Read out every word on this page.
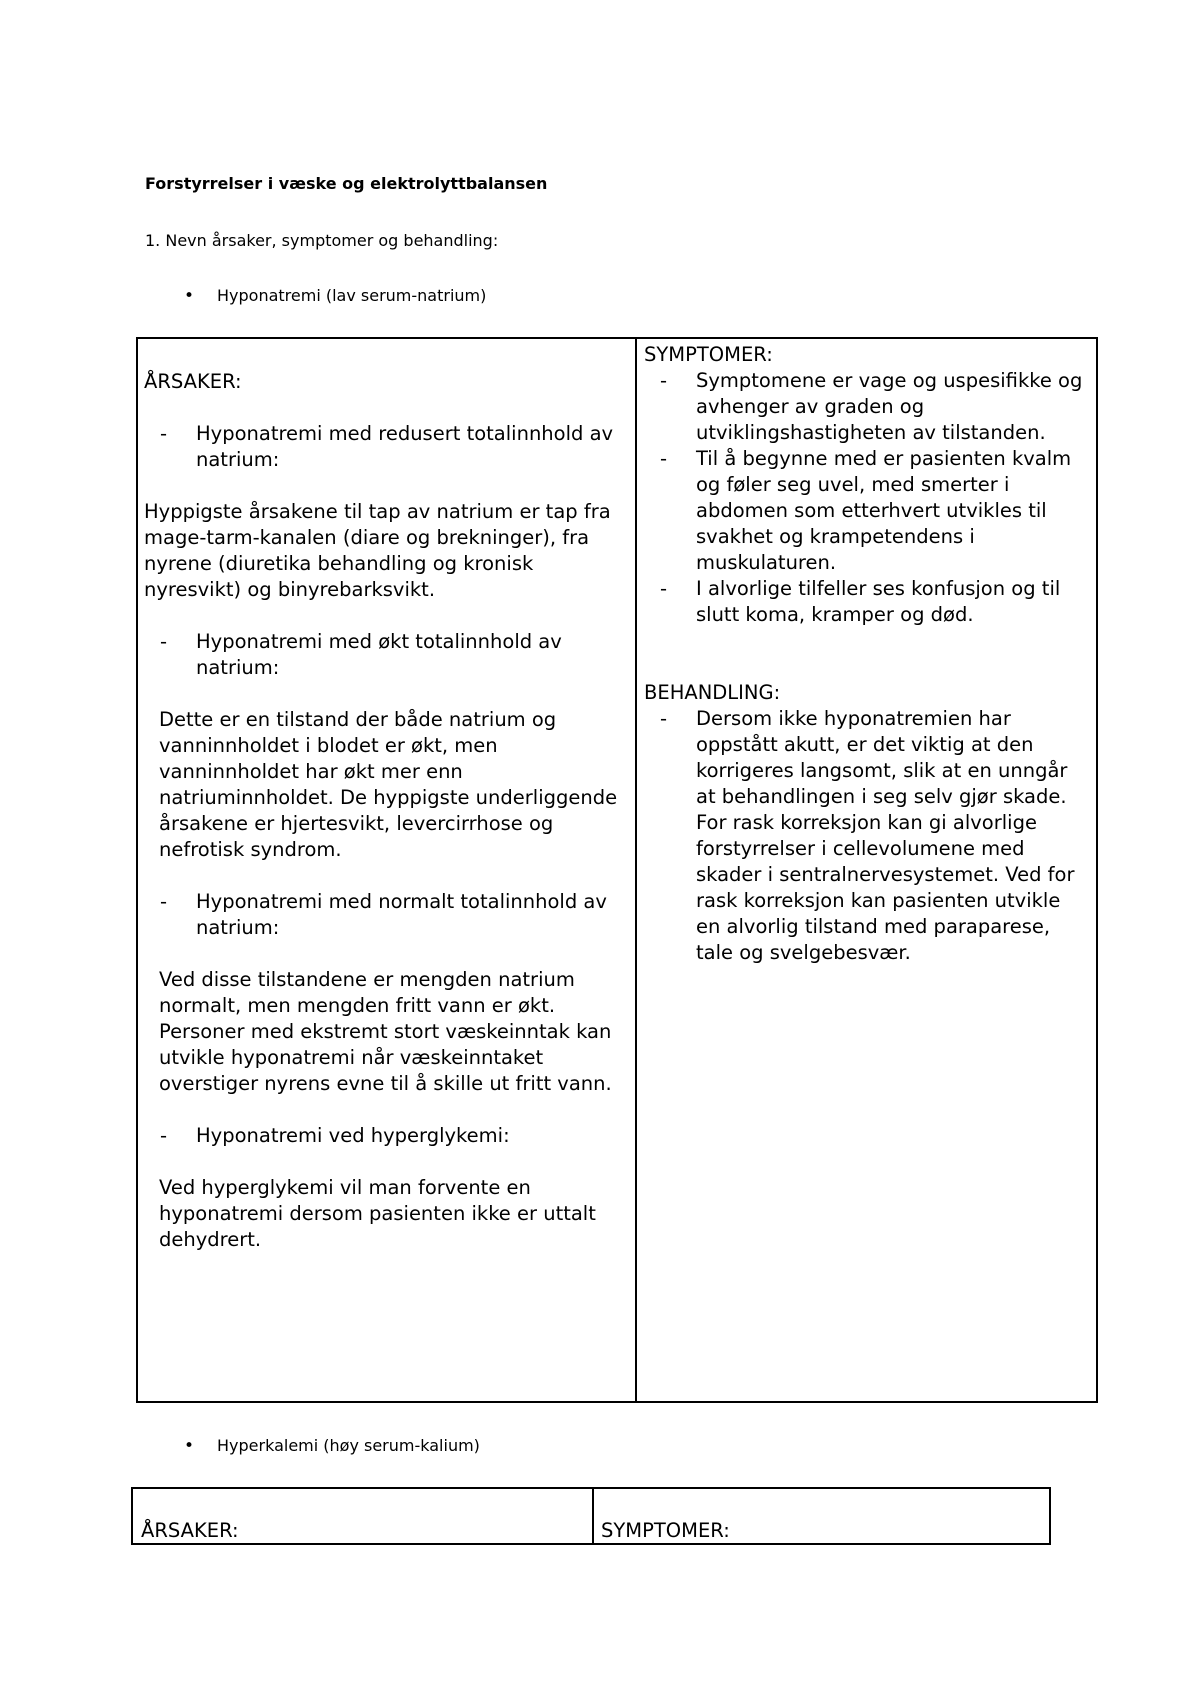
Forstyrrelser i væske og elektrolyttbalansen
1. Nevn årsaker, symptomer og behandling:
• Hyponatremi (lav serum-natrium)

ÅRSAKER:

- Hyponatremi med redusert totalinnhold av natrium:

Hyppigste årsakene til tap av natrium er tap fra mage-tarm-kanalen (diare og brekninger), fra nyrene (diuretika behandling og kronisk nyresvikt) og binyrebarksvikt.

- Hyponatremi med økt totalinnhold av natrium:

Dette er en tilstand der både natrium og vanninnholdet i blodet er økt, men vanninnholdet har økt mer enn natriuminnholdet. De hyppigste underliggende årsakene er hjertesvikt, levercirrhose og nefrotisk syndrom.

- Hyponatremi med normalt totalinnhold av natrium:

Ved disse tilstandene er mengden natrium normalt, men mengden fritt vann er økt. Personer med ekstremt stort væskeinntak kan utvikle hyponatremi når væskeinntaket overstiger nyrens evne til å skille ut fritt vann.

- Hyponatremi ved hyperglykemi:

Ved hyperglykemi vil man forvente en hyponatremi dersom pasienten ikke er uttalt dehydrert.

SYMPTOMER:

- Symptomene er vage og uspesifikke og avhenger av graden og utviklingshastigheten av tilstanden.

- Til å begynne med er pasienten kvalm og føler seg uvel, med smerter i abdomen som etterhvert utvikles til svakhet og krampetendens i muskulaturen.

- I alvorlige tilfeller ses konfusjon og til slutt koma, kramper og død.

BEHANDLING:

- Dersom ikke hyponatremien har oppstått akutt, er det viktig at den korrigeres langsomt, slik at en unngår at behandlingen i seg selv gjør skade. For rask korreksjon kan gi alvorlige forstyrrelser i cellevolumene med skader i sentralnervesystemet. Ved for rask korreksjon kan pasienten utvikle en alvorlig tilstand med paraparese, tale og svelgebesvær.

• Hyperkalemi (høy serum-kalium)
ÅRSAKER:	SYMPTOMER:
